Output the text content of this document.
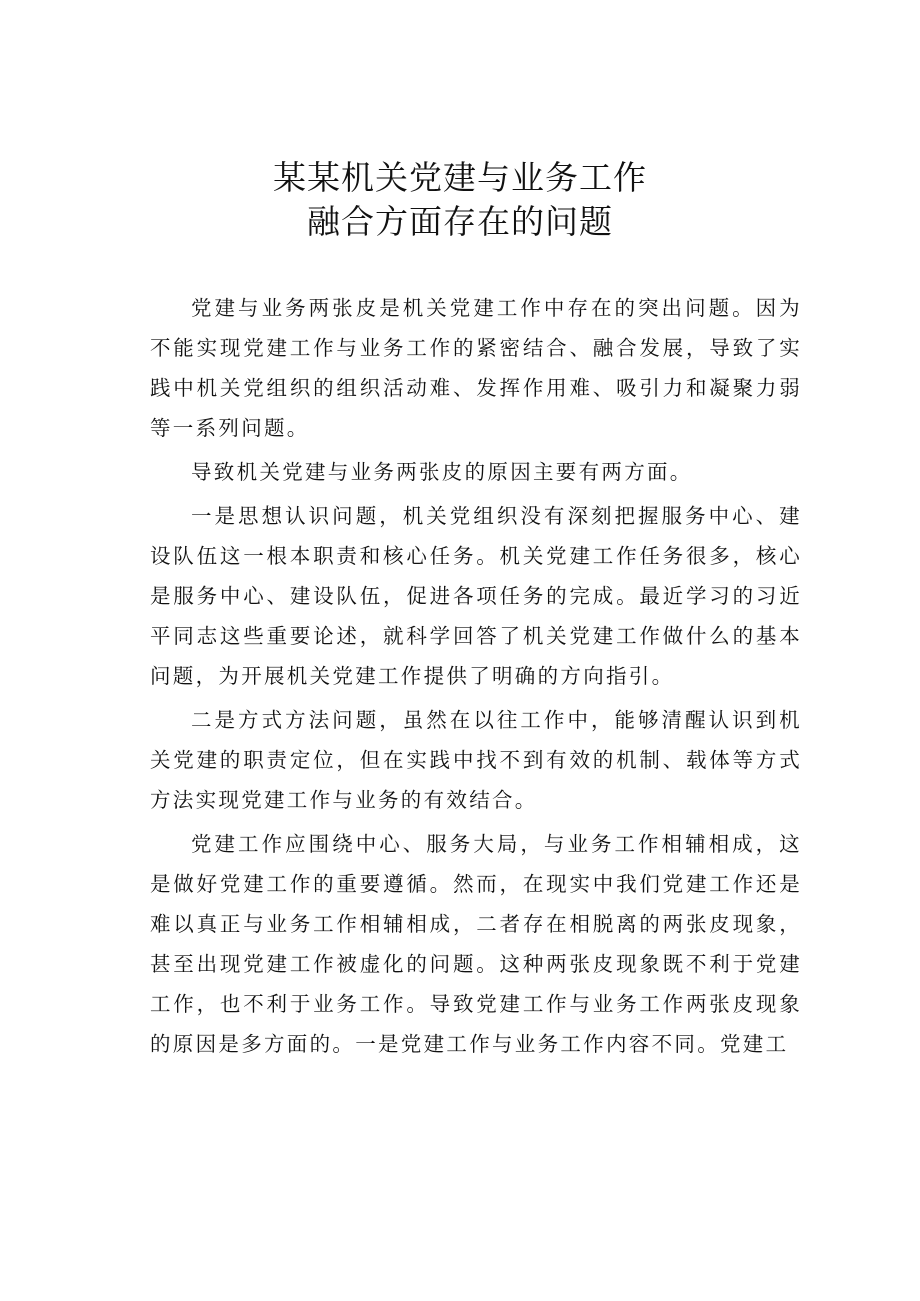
某某机关党建与业务工作
融合方面存在的问题

党建与业务两张皮是机关党建工作中存在的突出问题。因为不能实现党建工作与业务工作的紧密结合、融合发展，导致了实践中机关党组织的组织活动难、发挥作用难、吸引力和凝聚力弱等一系列问题。

导致机关党建与业务两张皮的原因主要有两方面。

一是思想认识问题，机关党组织没有深刻把握服务中心、建设队伍这一根本职责和核心任务。机关党建工作任务很多，核心是服务中心、建设队伍，促进各项任务的完成。最近学习的习近平同志这些重要论述，就科学回答了机关党建工作做什么的基本问题，为开展机关党建工作提供了明确的方向指引。

二是方式方法问题，虽然在以往工作中，能够清醒认识到机关党建的职责定位，但在实践中找不到有效的机制、载体等方式方法实现党建工作与业务的有效结合。

党建工作应围绕中心、服务大局，与业务工作相辅相成，这是做好党建工作的重要遵循。然而，在现实中我们党建工作还是难以真正与业务工作相辅相成，二者存在相脱离的两张皮现象，甚至出现党建工作被虚化的问题。这种两张皮现象既不利于党建工作，也不利于业务工作。导致党建工作与业务工作两张皮现象的原因是多方面的。一是党建工作与业务工作内容不同。党建工
